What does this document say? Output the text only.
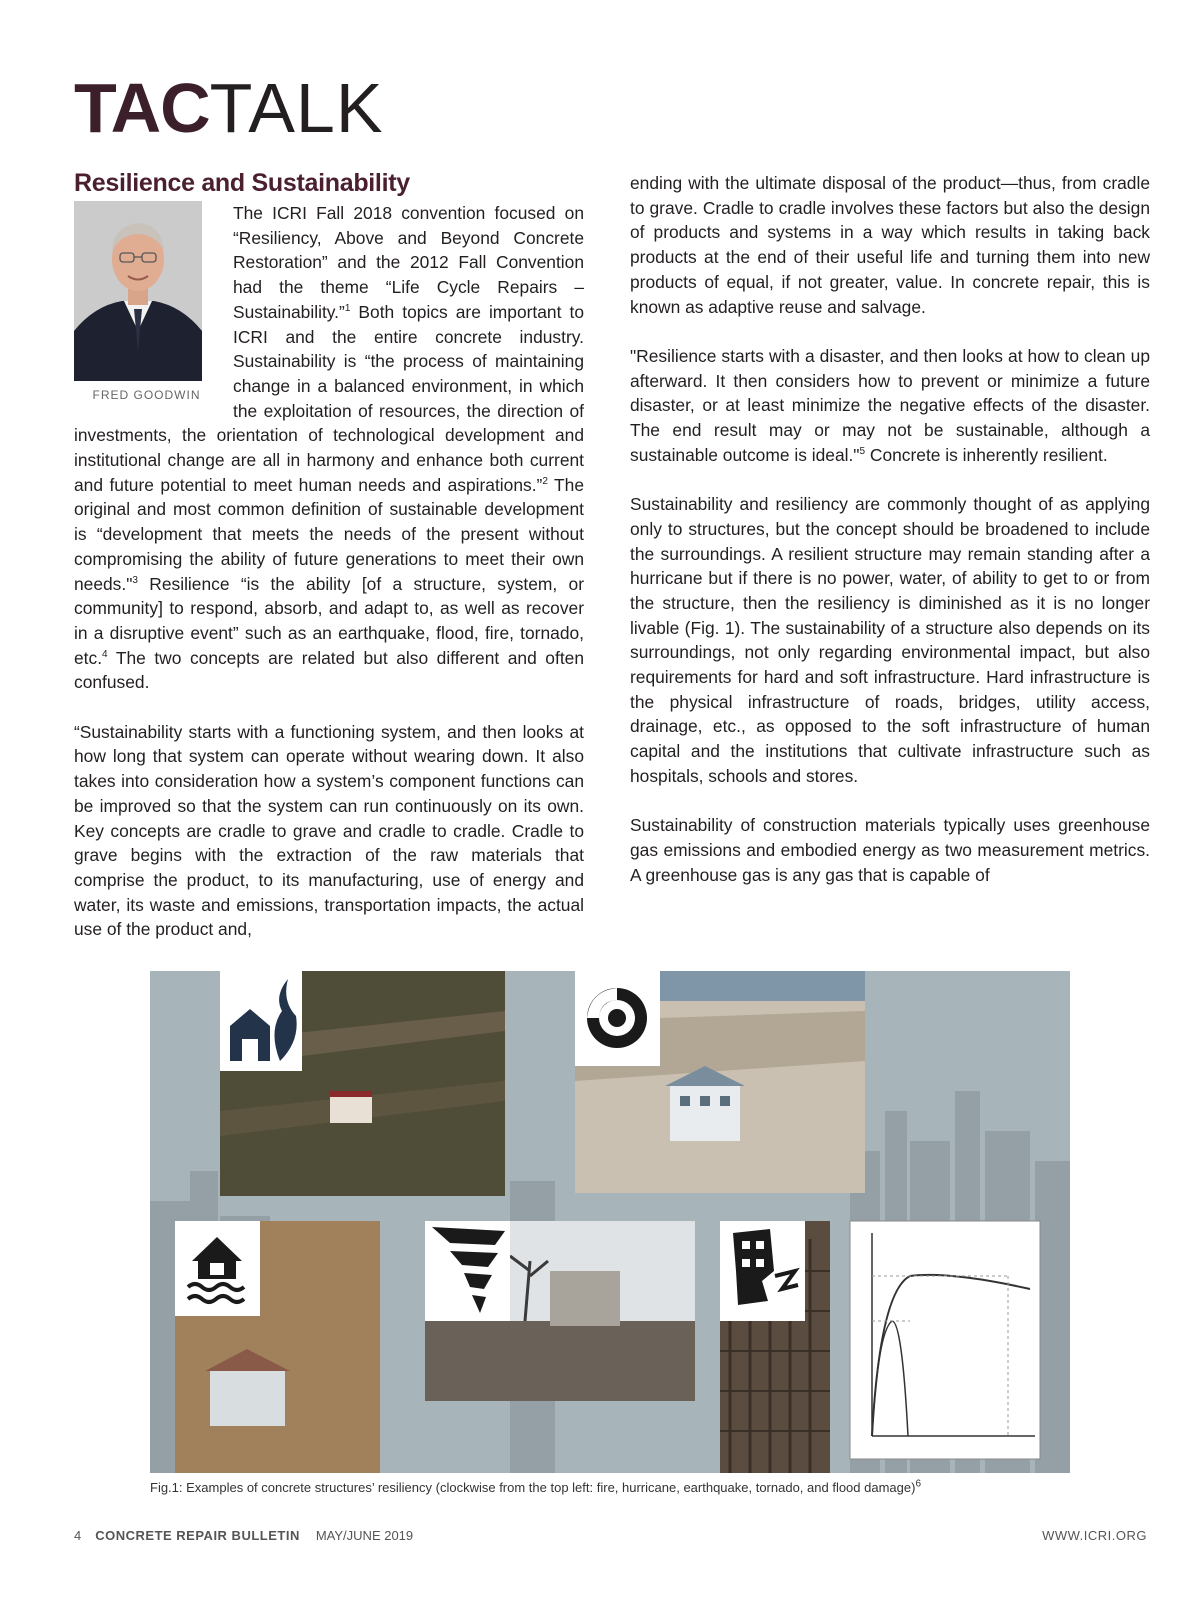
TACTALK
Resilience and Sustainability
FRED GOODWIN

The ICRI Fall 2018 convention focused on “Resiliency, Above and Beyond Concrete Restoration” and the 2012 Fall Convention had the theme “Life Cycle Repairs – Sustainability.”$^1$ Both topics are important to ICRI and the entire concrete industry. Sustainability is “the process of maintaining change in a balanced environment, in which the exploitation of resources, the direction of investments, the orientation of technological development and institutional change are all in harmony and enhance both current and future potential to meet human needs and aspirations.”$^2$ The original and most common definition of sustainable development is “development that meets the needs of the present without compromising the ability of future generations to meet their own needs."$^3$ Resilience “is the ability [of a structure, system, or community] to respond, absorb, and adapt to, as well as recover in a disruptive event” such as an earthquake, flood, fire, tornado, etc.$^4$ The two concepts are related but also different and often confused.

“Sustainability starts with a functioning system, and then looks at how long that system can operate without wearing down. It also takes into consideration how a system’s component functions can be improved so that the system can run continuously on its own. Key concepts are cradle to grave and cradle to cradle. Cradle to grave begins with the extraction of the raw materials that comprise the product, to its manufacturing, use of energy and water, its waste and emissions, transportation impacts, the actual use of the product and,

ending with the ultimate disposal of the product—thus, from cradle to grave. Cradle to cradle involves these factors but also the design of products and systems in a way which results in taking back products at the end of their useful life and turning them into new products of equal, if not greater, value. In concrete repair, this is known as adaptive reuse and salvage.

"Resilience starts with a disaster, and then looks at how to clean up afterward. It then considers how to prevent or minimize a future disaster, or at least minimize the negative effects of the disaster. The end result may or may not be sustainable, although a sustainable outcome is ideal."$^5$ Concrete is inherently resilient.

Sustainability and resiliency are commonly thought of as applying only to structures, but the concept should be broadened to include the surroundings. A resilient structure may remain standing after a hurricane but if there is no power, water, of ability to get to or from the structure, then the resiliency is diminished as it is no longer livable (Fig. 1). The sustainability of a structure also depends on its surroundings, not only regarding environmental impact, but also requirements for hard and soft infrastructure. Hard infrastructure is the physical infrastructure of roads, bridges, utility access, drainage, etc., as opposed to the soft infrastructure of human capital and the institutions that cultivate infrastructure such as hospitals, schools and stores.

Sustainability of construction materials typically uses greenhouse gas emissions and embodied energy as two measurement metrics. A greenhouse gas is any gas that is capable of

Fig.1: Examples of concrete structures’ resiliency (clockwise from the top left: fire, hurricane, earthquake, tornado, and flood damage)$^6$
4 CONCRETE REPAIR BULLETIN MAY/JUNE 2019	WWW.ICRI.ORG
